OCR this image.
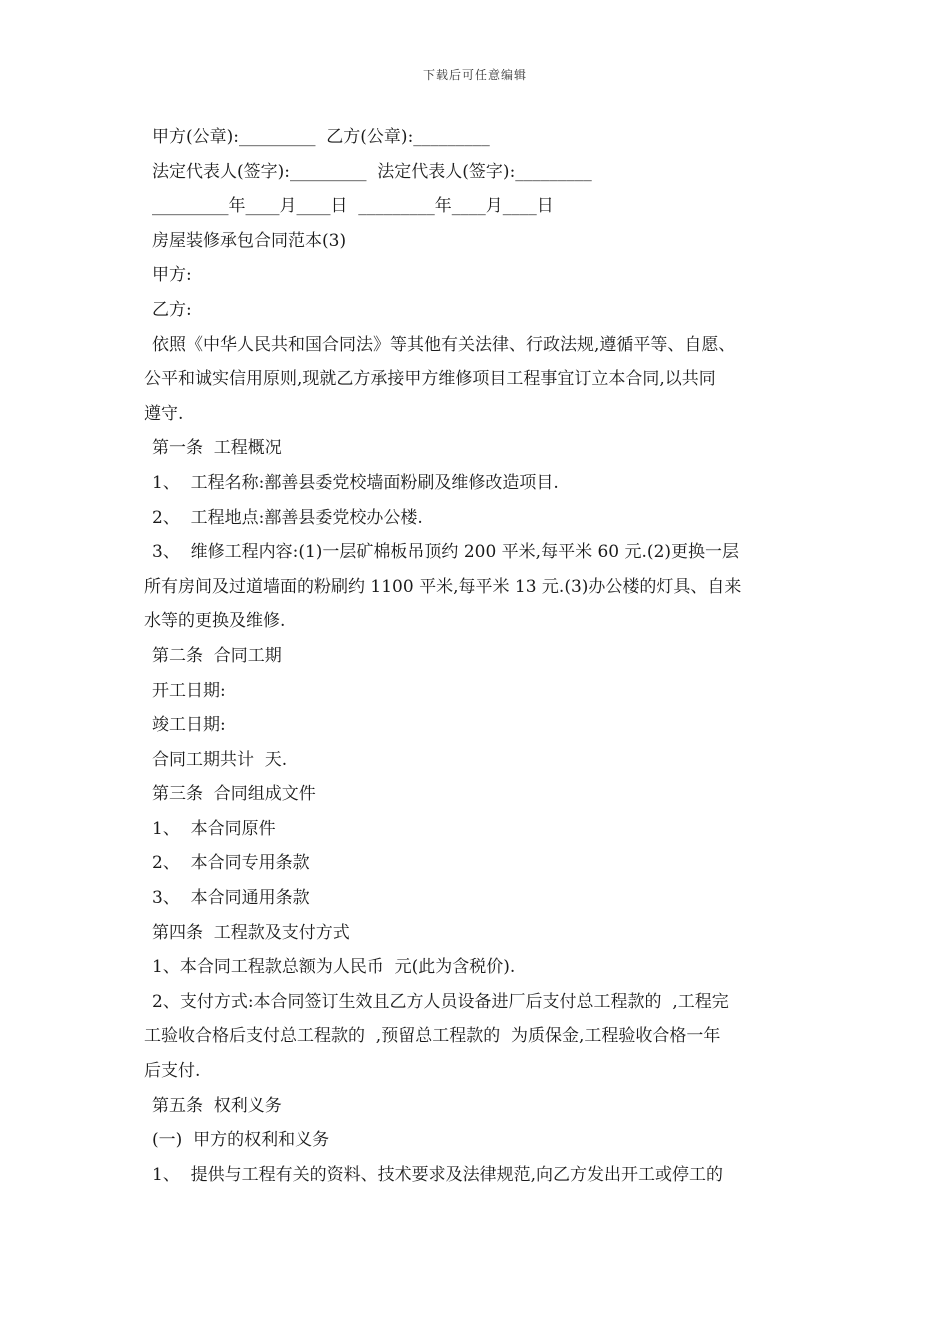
下载后可任意编辑
甲方(公章):_________  乙方(公章):_________
法定代表人(签字):_________  法定代表人(签字):_________
_________年____月____日  _________年____月____日
房屋装修承包合同范本(3)
甲方:
乙方:
依照《中华人民共和国合同法》等其他有关法律、行政法规,遵循平等、自愿、
公平和诚实信用原则,现就乙方承接甲方维修项目工程事宜订立本合同,以共同
遵守.
第一条  工程概况
1、  工程名称:鄯善县委党校墙面粉刷及维修改造项目.
2、  工程地点:鄯善县委党校办公楼.
3、  维修工程内容:(1)一层矿棉板吊顶约 200 平米,每平米 60 元.(2)更换一层
所有房间及过道墙面的粉刷约 1100 平米,每平米 13 元.(3)办公楼的灯具、自来
水等的更换及维修.
第二条  合同工期
开工日期:
竣工日期:
合同工期共计  天.
第三条  合同组成文件
1、  本合同原件
2、  本合同专用条款
3、  本合同通用条款
第四条  工程款及支付方式
1、本合同工程款总额为人民币  元(此为含税价).
2、支付方式:本合同签订生效且乙方人员设备进厂后支付总工程款的  ,工程完
工验收合格后支付总工程款的  ,预留总工程款的  为质保金,工程验收合格一年
后支付.
第五条  权利义务
(一)  甲方的权利和义务
1、  提供与工程有关的资料、技术要求及法律规范,向乙方发出开工或停工的
